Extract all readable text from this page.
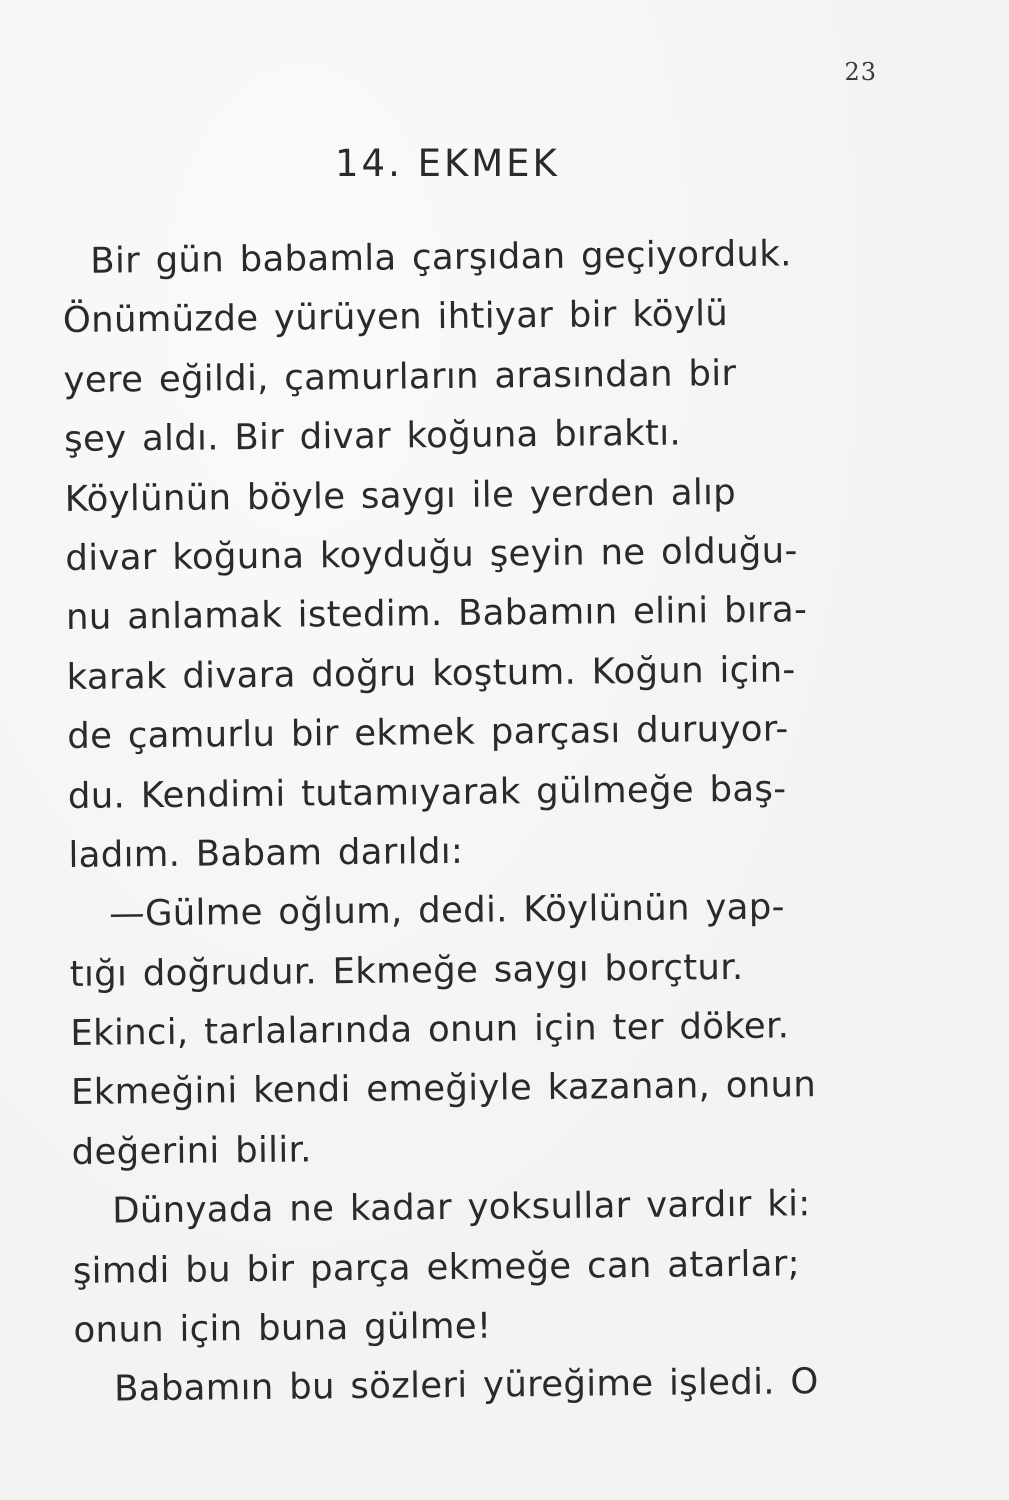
23
14. EKMEK
Bir gün babamla çarşıdan geçiyorduk.
Önümüzde yürüyen ihtiyar bir köylü
yere eğildi, çamurların arasından bir
şey aldı. Bir divar koğuna bıraktı.
Köylünün böyle saygı ile yerden alıp
divar koğuna koyduğu şeyin ne olduğu-
nu anlamak istedim. Babamın elini bıra-
karak divara doğru koştum. Koğun için-
de çamurlu bir ekmek parçası duruyor-
du. Kendimi tutamıyarak gülmeğe baş-
ladım. Babam darıldı:
—Gülme oğlum, dedi. Köylünün yap-
tığı doğrudur. Ekmeğe saygı borçtur.
Ekinci, tarlalarında onun için ter döker.
Ekmeğini kendi emeğiyle kazanan, onun
değerini bilir.
Dünyada ne kadar yoksullar vardır ki:
şimdi bu bir parça ekmeğe can atarlar;
onun için buna gülme!
Babamın bu sözleri yüreğime işledi. O
